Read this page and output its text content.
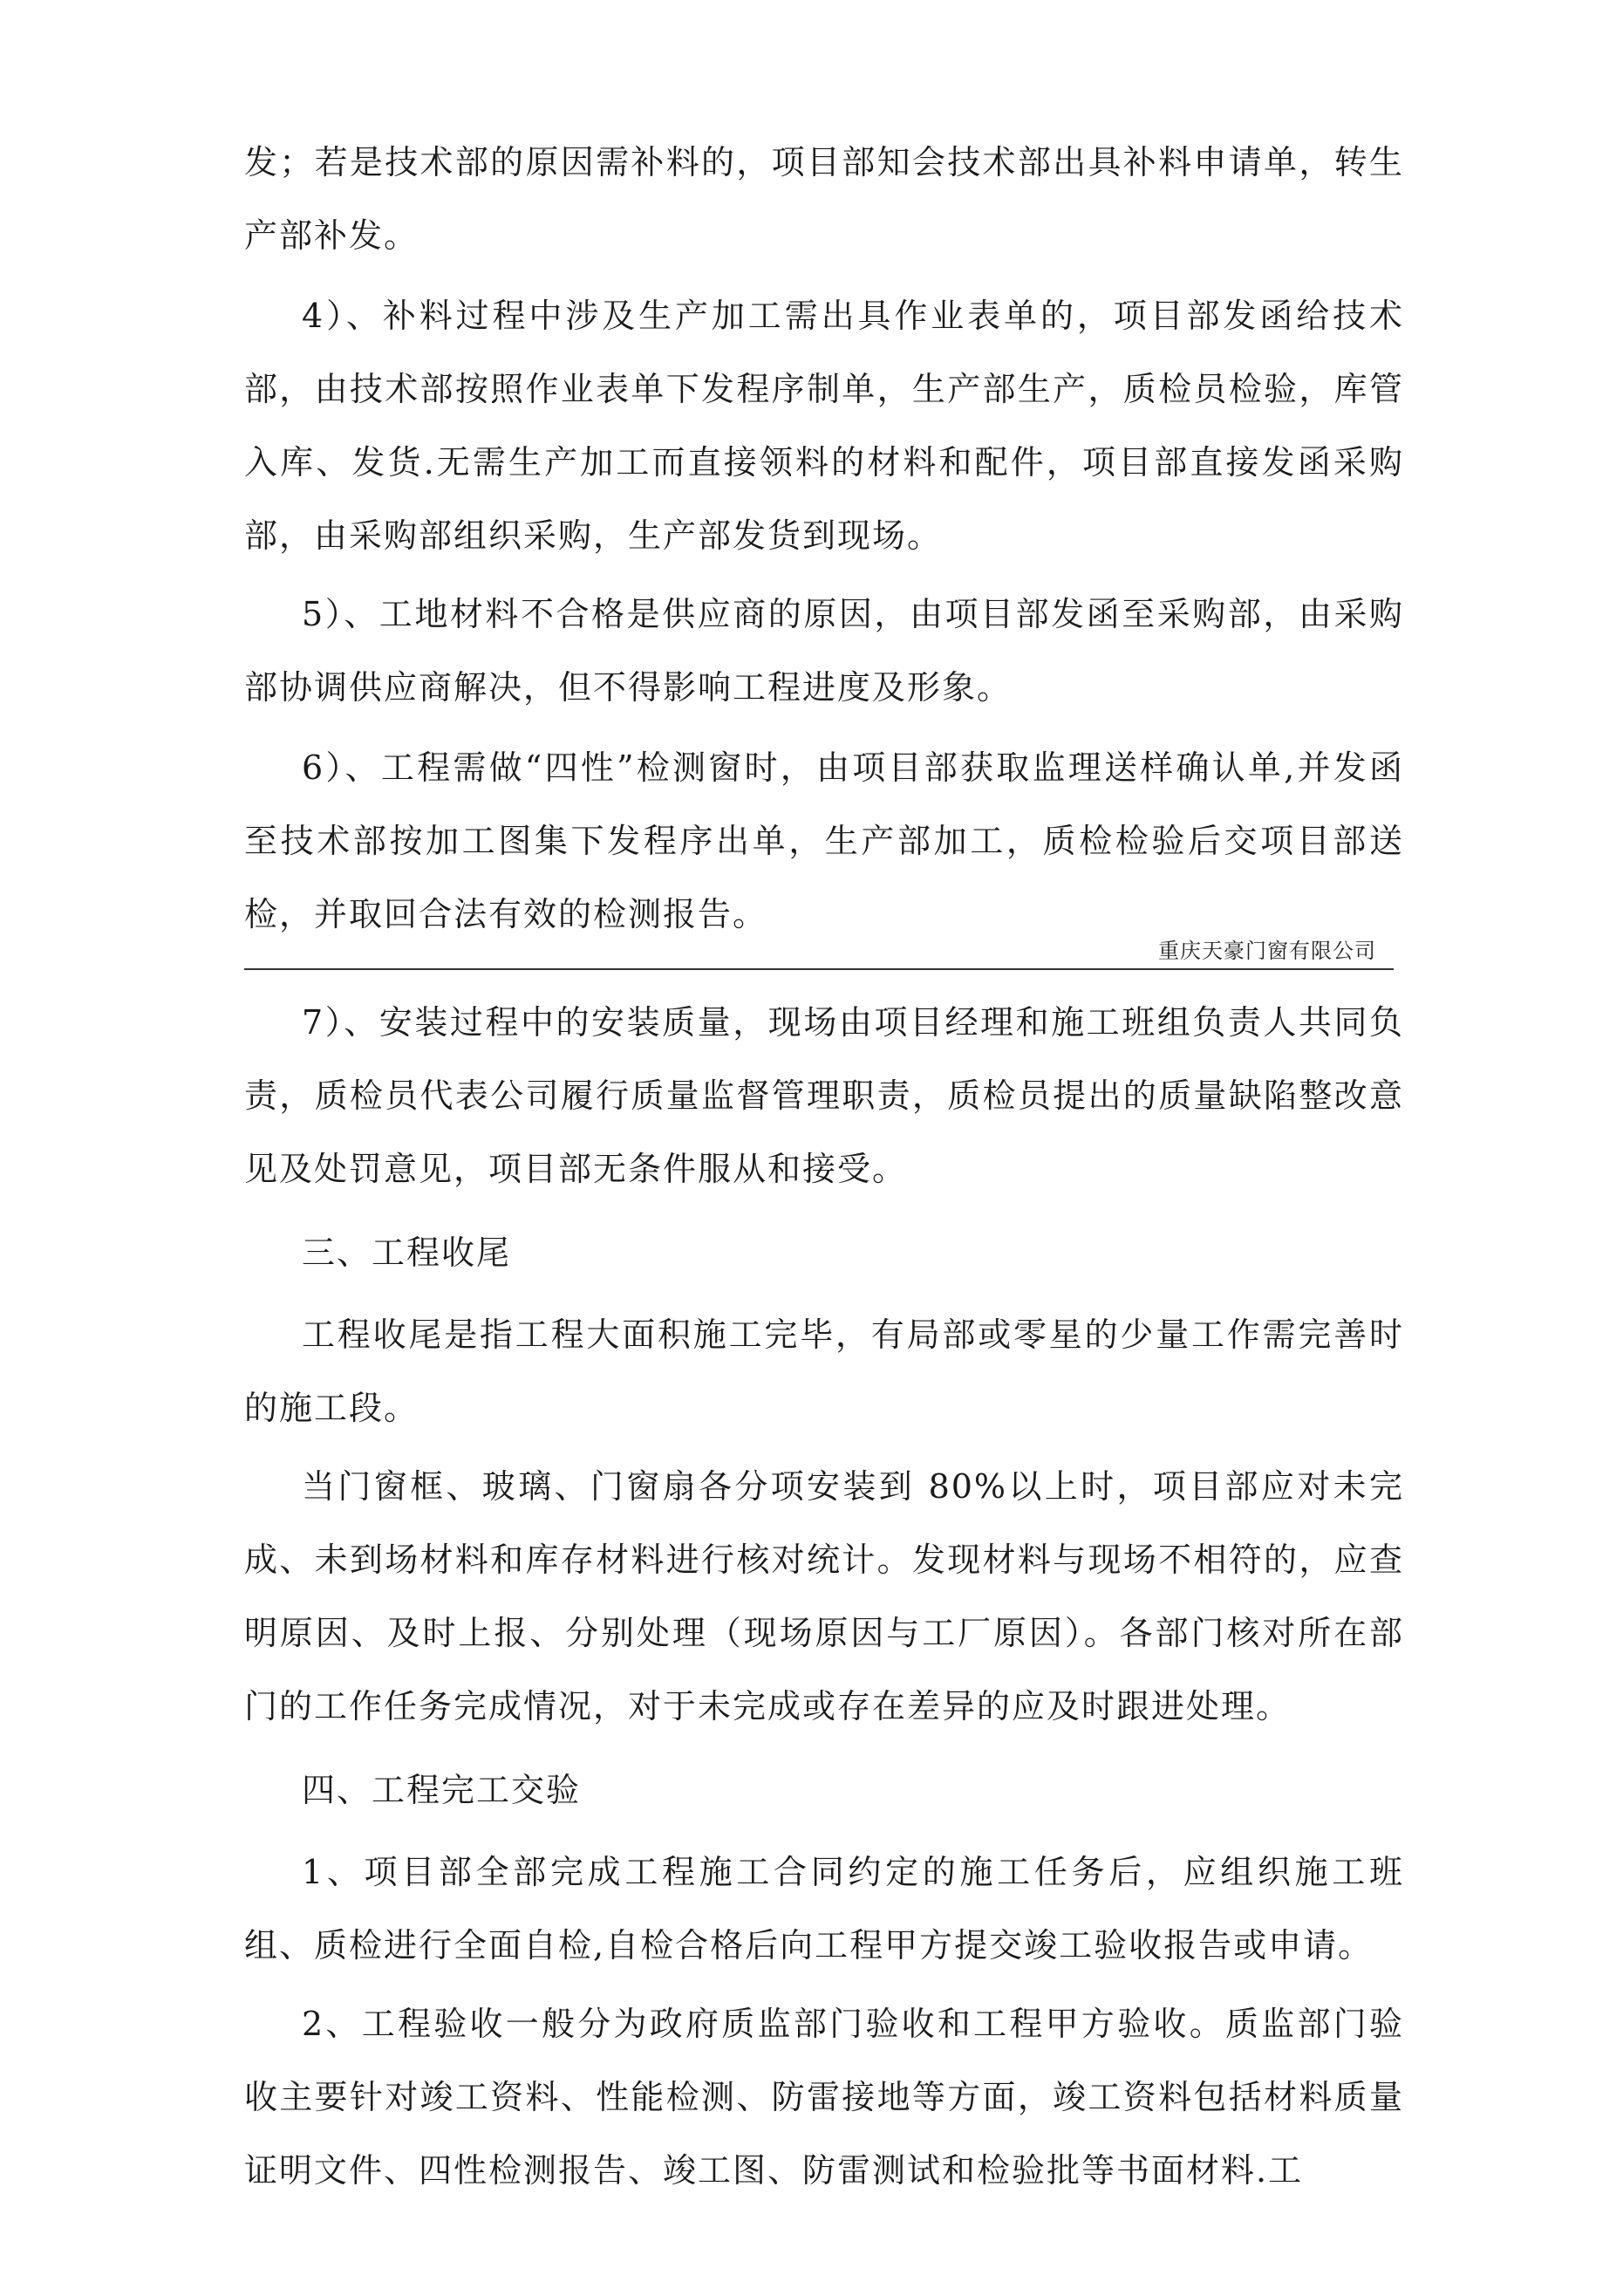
发；若是技术部的原因需补料的，项目部知会技术部出具补料申请单，转生产部补发。

4）、补料过程中涉及生产加工需出具作业表单的，项目部发函给技术部，由技术部按照作业表单下发程序制单，生产部生产，质检员检验，库管入库、发货.无需生产加工而直接领料的材料和配件，项目部直接发函采购部，由采购部组织采购，生产部发货到现场。

5）、工地材料不合格是供应商的原因，由项目部发函至采购部，由采购部协调供应商解决，但不得影响工程进度及形象。

6）、工程需做“四性”检测窗时，由项目部获取监理送样确认单,并发函至技术部按加工图集下发程序出单，生产部加工，质检检验后交项目部送检，并取回合法有效的检测报告。

重庆天豪门窗有限公司

7）、安装过程中的安装质量，现场由项目经理和施工班组负责人共同负责，质检员代表公司履行质量监督管理职责，质检员提出的质量缺陷整改意见及处罚意见，项目部无条件服从和接受。

三、工程收尾

工程收尾是指工程大面积施工完毕，有局部或零星的少量工作需完善时的施工段。

当门窗框、玻璃、门窗扇各分项安装到 80%以上时，项目部应对未完成、未到场材料和库存材料进行核对统计。发现材料与现场不相符的，应查明原因、及时上报、分别处理（现场原因与工厂原因）。各部门核对所在部门的工作任务完成情况，对于未完成或存在差异的应及时跟进处理。

四、工程完工交验

1、项目部全部完成工程施工合同约定的施工任务后，应组织施工班组、质检进行全面自检,自检合格后向工程甲方提交竣工验收报告或申请。

2、工程验收一般分为政府质监部门验收和工程甲方验收。质监部门验收主要针对竣工资料、性能检测、防雷接地等方面，竣工资料包括材料质量证明文件、四性检测报告、竣工图、防雷测试和检验批等书面材料.工
